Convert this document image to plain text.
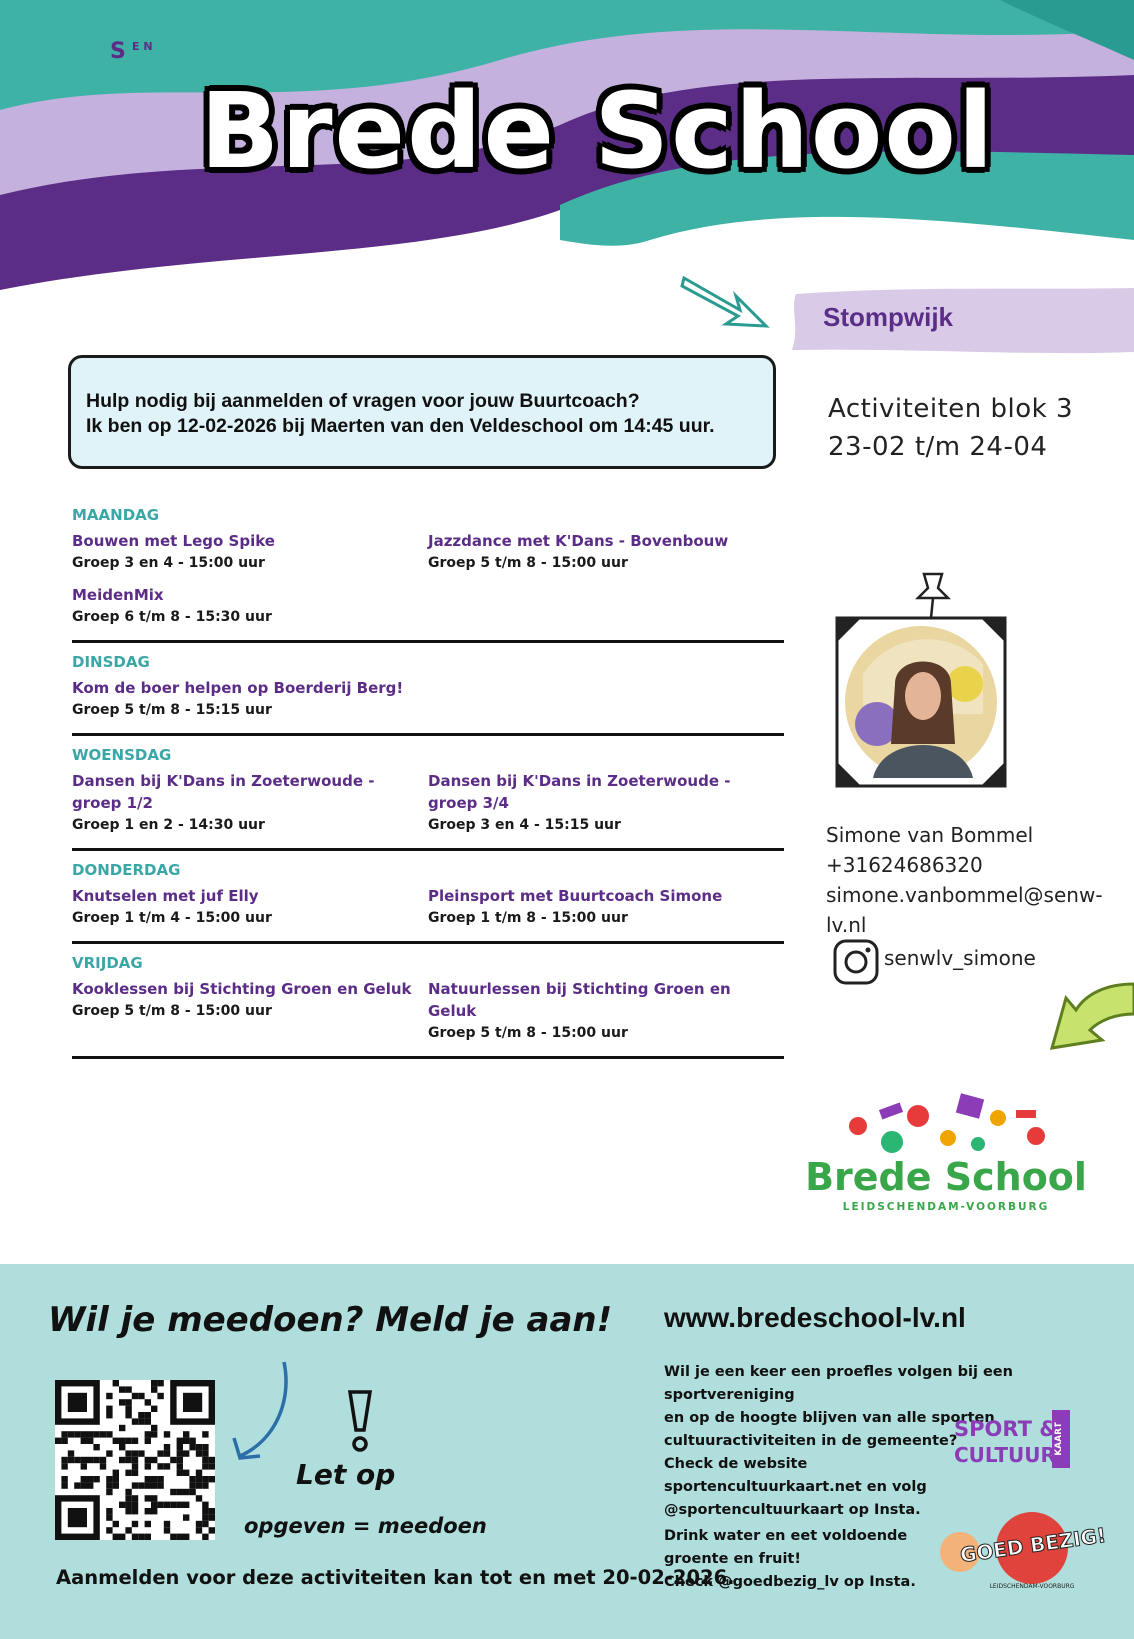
S E N
W Brede School
Stompwijk
Activiteiten blok 3
23-02 t/m 24-04
Hulp nodig bij aanmelden of vragen voor jouw Buurtcoach?
Ik ben op 12-02-2026 bij Maerten van den Veldeschool om 14:45 uur.
MAANDAG
Bouwen met Lego Spike
Groep 3 en 4 - 15:00 uur
Jazzdance met K'Dans - Bovenbouw
Groep 5 t/m 8 - 15:00 uur
MeidenMix
Groep 6 t/m 8 - 15:30 uur
DINSDAG
Kom de boer helpen op Boerderij Berg!
Groep 5 t/m 8 - 15:15 uur
WOENSDAG
Dansen bij K'Dans in Zoeterwoude - groep 1/2
Groep 1 en 2 - 14:30 uur
Dansen bij K'Dans in Zoeterwoude - groep 3/4
Groep 3 en 4 - 15:15 uur
DONDERDAG
Knutselen met juf Elly
Groep 1 t/m 4 - 15:00 uur
Pleinsport met Buurtcoach Simone
Groep 1 t/m 8 - 15:00 uur
VRIJDAG
Kooklessen bij Stichting Groen en Geluk
Groep 5 t/m 8 - 15:00 uur
Natuurlessen bij Stichting Groen en Geluk
Groep 5 t/m 8 - 15:00 uur
Simone van Bommel
+31624686320
simone.vanbommel@senw-lv.nl
senwlv_simone
Brede School
LEIDSCHENDAM-VOORBURG
Wil je meedoen? Meld je aan!
Let op
opgeven = meedoen
Aanmelden voor deze activiteiten kan tot en met 20-02-2026.
www.bredeschool-lv.nl
Wil je een keer een proefles volgen bij een sportvereniging
en op de hoogte blijven van alle sporten
cultuuractiviteiten in de gemeente?
Check de website
sportencultuurkaart.net en volg
@sportencultuurkaart op Insta.
Drink water en eet voldoende
groente en fruit!
Check @goedbezig_lv op Insta.
KAART
SPORT &
CULTUUR
GOED BEZIG!
LEIDSCHENDAM-VOORBURG
